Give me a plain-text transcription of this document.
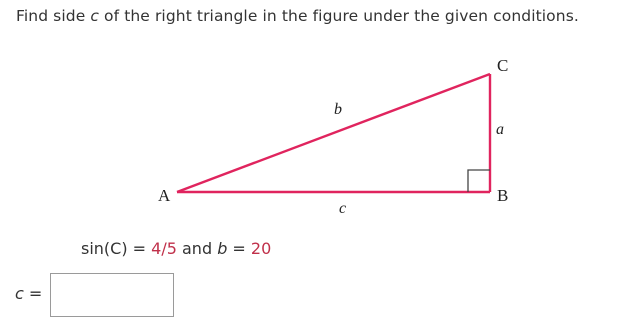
Find side c of the right triangle in the figure under the given conditions.
A	B
C
a
b
c
sin(C) = 4/5 and b = 20
c =
